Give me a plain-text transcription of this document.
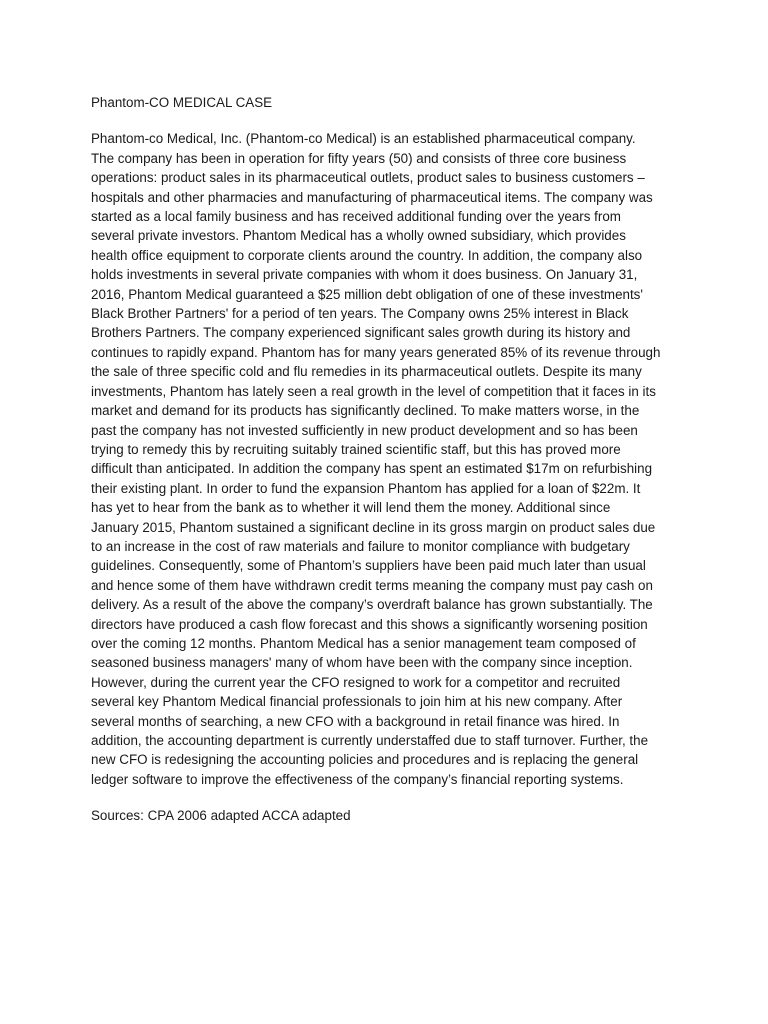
Phantom-CO MEDICAL CASE

Phantom-co Medical, Inc. (Phantom-co Medical) is an established pharmaceutical company.
The company has been in operation for fifty years (50) and consists of three core business
operations: product sales in its pharmaceutical outlets, product sales to business customers –
hospitals and other pharmacies and manufacturing of pharmaceutical items. The company was
started as a local family business and has received additional funding over the years from
several private investors. Phantom Medical has a wholly owned subsidiary, which provides
health office equipment to corporate clients around the country. In addition, the company also
holds investments in several private companies with whom it does business. On January 31,
2016, Phantom Medical guaranteed a $25 million debt obligation of one of these investments'
Black Brother Partners' for a period of ten years. The Company owns 25% interest in Black
Brothers Partners. The company experienced significant sales growth during its history and
continues to rapidly expand. Phantom has for many years generated 85% of its revenue through
the sale of three specific cold and flu remedies in its pharmaceutical outlets. Despite its many
investments, Phantom has lately seen a real growth in the level of competition that it faces in its
market and demand for its products has significantly declined. To make matters worse, in the
past the company has not invested sufficiently in new product development and so has been
trying to remedy this by recruiting suitably trained scientific staff, but this has proved more
difficult than anticipated. In addition the company has spent an estimated $17m on refurbishing
their existing plant. In order to fund the expansion Phantom has applied for a loan of $22m. It
has yet to hear from the bank as to whether it will lend them the money. Additional since
January 2015, Phantom sustained a significant decline in its gross margin on product sales due
to an increase in the cost of raw materials and failure to monitor compliance with budgetary
guidelines. Consequently, some of Phantom’s suppliers have been paid much later than usual
and hence some of them have withdrawn credit terms meaning the company must pay cash on
delivery. As a result of the above the company’s overdraft balance has grown substantially. The
directors have produced a cash flow forecast and this shows a significantly worsening position
over the coming 12 months. Phantom Medical has a senior management team composed of
seasoned business managers' many of whom have been with the company since inception.
However, during the current year the CFO resigned to work for a competitor and recruited
several key Phantom Medical financial professionals to join him at his new company. After
several months of searching, a new CFO with a background in retail finance was hired. In
addition, the accounting department is currently understaffed due to staff turnover. Further, the
new CFO is redesigning the accounting policies and procedures and is replacing the general
ledger software to improve the effectiveness of the company’s financial reporting systems.

Sources: CPA 2006 adapted ACCA adapted
